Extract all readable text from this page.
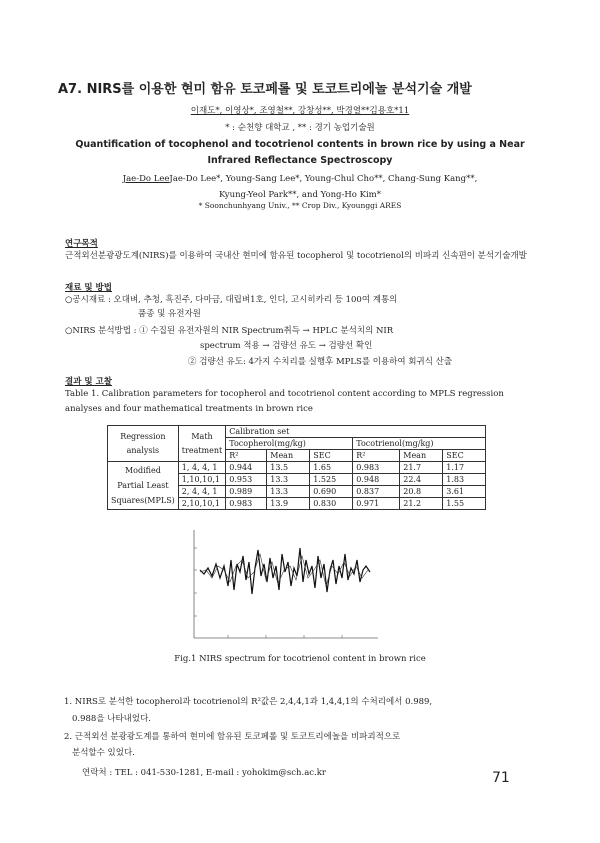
A7. NIRS를 이용한 현미 함유 토코페롤 및 토코트리에놀 분석기술 개발
이재도*, 이영상*, 조영철**, 강창성**, 박경열**김용호*11
* : 순천향 대학교 , ** : 경기 농업기술원
Quantification of tocophenol and tocotrienol contents in brown rice by using a Near Infrared Reflectance Spectroscopy
Jae-Do LeeJae-Do Lee*, Young-Sang Lee*, Young-Chul Cho**, Chang-Sung Kang**,
Kyung-Yeol Park**, and Yong-Ho Kim*
* Soonchunhyang Univ., ** Crop Div., Kyounggi ARES
연구목적
근적외선분광광도계(NIRS)를 이용하여 국내산 현미에 함유된 tocopherol 및 tocotrienol의 비파괴 신속편이 분석기술개발
재료 및 방법
○공시재료 : 오대벼, 추청, 흑진주, 다마금, 대립벼1호, 인디, 고시히카리 등 100여 계통의
품종 및 유전자원
○NIRS 분석방법 : ① 수집된 유전자원의 NIR Spectrum취득 → HPLC 분석치의 NIR
spectrum 적용 → 검량선 유도 → 검량선 확인
② 검량선 유도: 4가지 수치리를 실행후 MPLS를 이용하여 회귀식 산출
결과 및 고찰
Table 1. Calibration parameters for tocopherol and tocotrienol content according to MPLS regression analyses and four mathematical treatments in brown rice
Regression analysis	Math treatment	Calibration set					
		Tocopherol(mg/kg)			Tocotrienol(mg/kg)		
		R²	Mean	SEC	R²	Mean	SEC
Modified Partial Least Squares(MPLS)	1, 4, 4, 1	0.944	13.5	1.65	0.983	21.7	1.17
	1,10,10,1	0.953	13.3	1.525	0.948	22.4	1.83
	2, 4, 4, 1	0.989	13.3	0.690	0.837	20.8	3.61
	2,10,10,1	0.983	13.9	0.830	0.971	21.2	1.55
Fig.1 NIRS spectrum for tocotrienol content in brown rice
1. NIRS로 분석한 tocopherol과 tocotrienol의 R²값은 2,4,4,1과 1,4,4,1의 수처리에서 0.989,
0.988을 나타내었다.
2. 근적외선 분광광도계를 통하여 현미에 함유된 토코페롤 및 토코트리에놀을 비파괴적으로
분석할수 있었다.
연락처 : TEL : 041-530-1281, E-mail : yohokim@sch.ac.kr	71
